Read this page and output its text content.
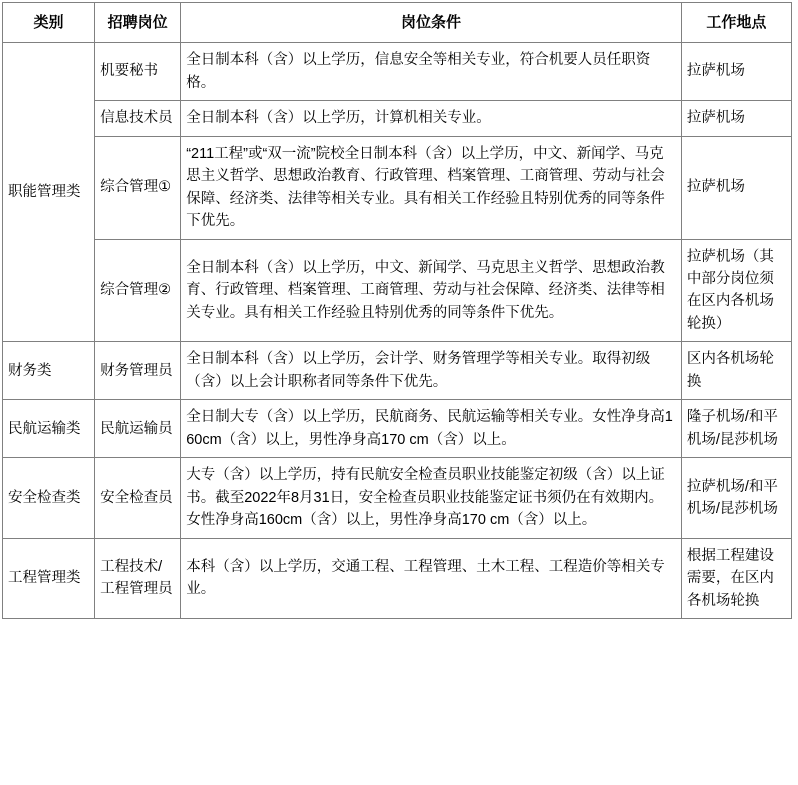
类别	招聘岗位	岗位条件	工作地点
职能管理类	机要秘书	全日制本科（含）以上学历，信息安全等相关专业，符合机要人员任职资格。	拉萨机场
	信息技术员	全日制本科（含）以上学历，计算机相关专业。	拉萨机场
	综合管理①	“211工程”或“双一流”院校全日制本科（含）以上学历，中文、新闻学、马克思主义哲学、思想政治教育、行政管理、档案管理、工商管理、劳动与社会保障、经济类、法律等相关专业。具有相关工作经验且特别优秀的同等条件下优先。	拉萨机场
	综合管理②	全日制本科（含）以上学历，中文、新闻学、马克思主义哲学、思想政治教育、行政管理、档案管理、工商管理、劳动与社会保障、经济类、法律等相关专业。具有相关工作经验且特别优秀的同等条件下优先。	拉萨机场（其中部分岗位须在区内各机场轮换）
财务类	财务管理员	全日制本科（含）以上学历，会计学、财务管理学等相关专业。取得初级（含）以上会计职称者同等条件下优先。	区内各机场轮换
民航运输类	民航运输员	全日制大专（含）以上学历，民航商务、民航运输等相关专业。女性净身高160cm（含）以上，男性净身高170 cm（含）以上。	隆子机场/和平机场/昆莎机场
安全检查类	安全检查员	大专（含）以上学历，持有民航安全检查员职业技能鉴定初级（含）以上证书。截至2022年8月31日，安全检查员职业技能鉴定证书须仍在有效期内。 女性净身高160cm（含）以上，男性净身高170 cm（含）以上。	拉萨机场/和平机场/昆莎机场
工程管理类	工程技术/工程管理员	本科（含）以上学历，交通工程、工程管理、土木工程、工程造价等相关专业。	根据工程建设需要，在区内各机场轮换
